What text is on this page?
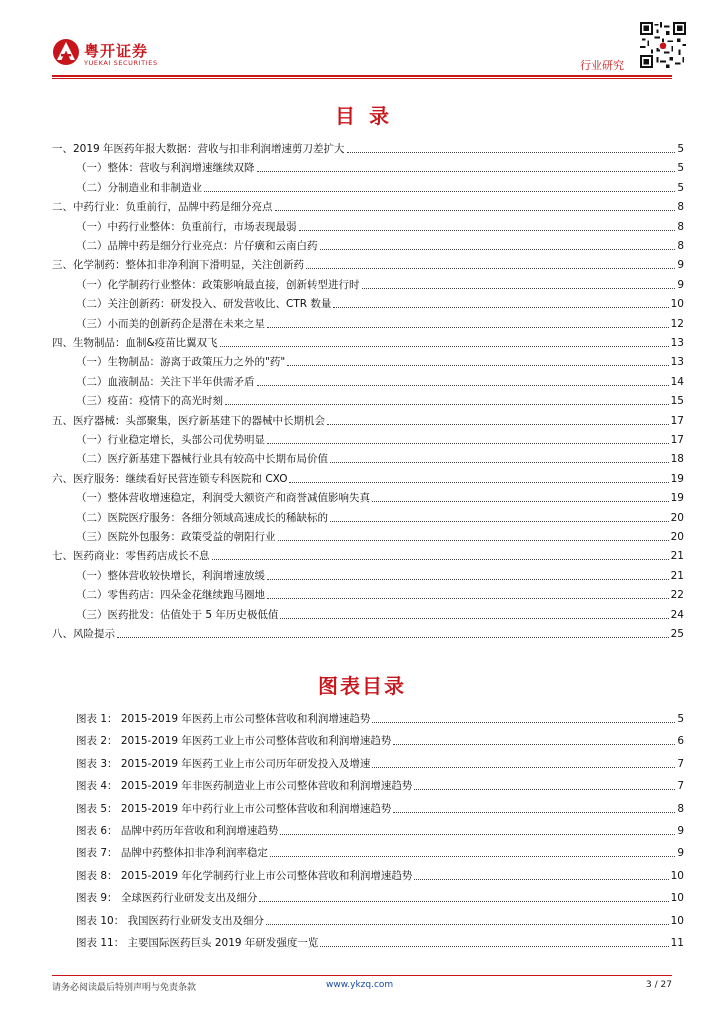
粤开证券
YUEKAI SECURITIES	行业研究
目录
一、2019 年医药年报大数据：营收与扣非利润增速剪刀差扩大	5
（一）整体：营收与利润增速继续双降	5
（二）分制造业和非制造业	5
二、中药行业：负重前行，品牌中药是细分亮点	8
（一）中药行业整体：负重前行，市场表现最弱	8
（二）品牌中药是细分行业亮点：片仔癀和云南白药	8
三、化学制药：整体扣非净利润下滑明显，关注创新药	9
（一）化学制药行业整体：政策影响最直接，创新转型进行时	9
（二）关注创新药：研发投入、研发营收比、CTR 数量	10
（三）小而美的创新药企是潜在未来之星	12
四、生物制品：血制&疫苗比翼双飞	13
（一）生物制品：游离于政策压力之外的"药"	13
（二）血液制品：关注下半年供需矛盾	14
（三）疫苗：疫情下的高光时刻	15
五、医疗器械：头部聚集，医疗新基建下的器械中长期机会	17
（一）行业稳定增长，头部公司优势明显	17
（二）医疗新基建下器械行业具有较高中长期布局价值	18
六、医疗服务：继续看好民营连锁专科医院和 CXO	19
（一）整体营收增速稳定，利润受大额资产和商誉减值影响失真	19
（二）医院医疗服务：各细分领域高速成长的稀缺标的	20
（三）医院外包服务：政策受益的朝阳行业	20
七、医药商业：零售药店成长不息	21
（一）整体营收较快增长，利润增速放缓	21
（二）零售药店：四朵金花继续跑马圈地	22
（三）医药批发：估值处于 5 年历史极低值	24
八、风险提示	25
图表目录
图表 1： 2015-2019 年医药上市公司整体营收和利润增速趋势	5
图表 2： 2015-2019 年医药工业上市公司整体营收和利润增速趋势	6
图表 3： 2015-2019 年医药工业上市公司历年研发投入及增速	7
图表 4： 2015-2019 年非医药制造业上市公司整体营收和利润增速趋势	7
图表 5： 2015-2019 年中药行业上市公司整体营收和利润增速趋势	8
图表 6： 品牌中药历年营收和利润增速趋势	9
图表 7： 品牌中药整体扣非净利润率稳定	9
图表 8： 2015-2019 年化学制药行业上市公司整体营收和利润增速趋势	10
图表 9： 全球医药行业研发支出及细分	10
图表 10： 我国医药行业研发支出及细分	10
图表 11： 主要国际医药巨头 2019 年研发强度一览	11
请务必阅读最后特别声明与免责条款	www.ykzq.com	3 / 27
